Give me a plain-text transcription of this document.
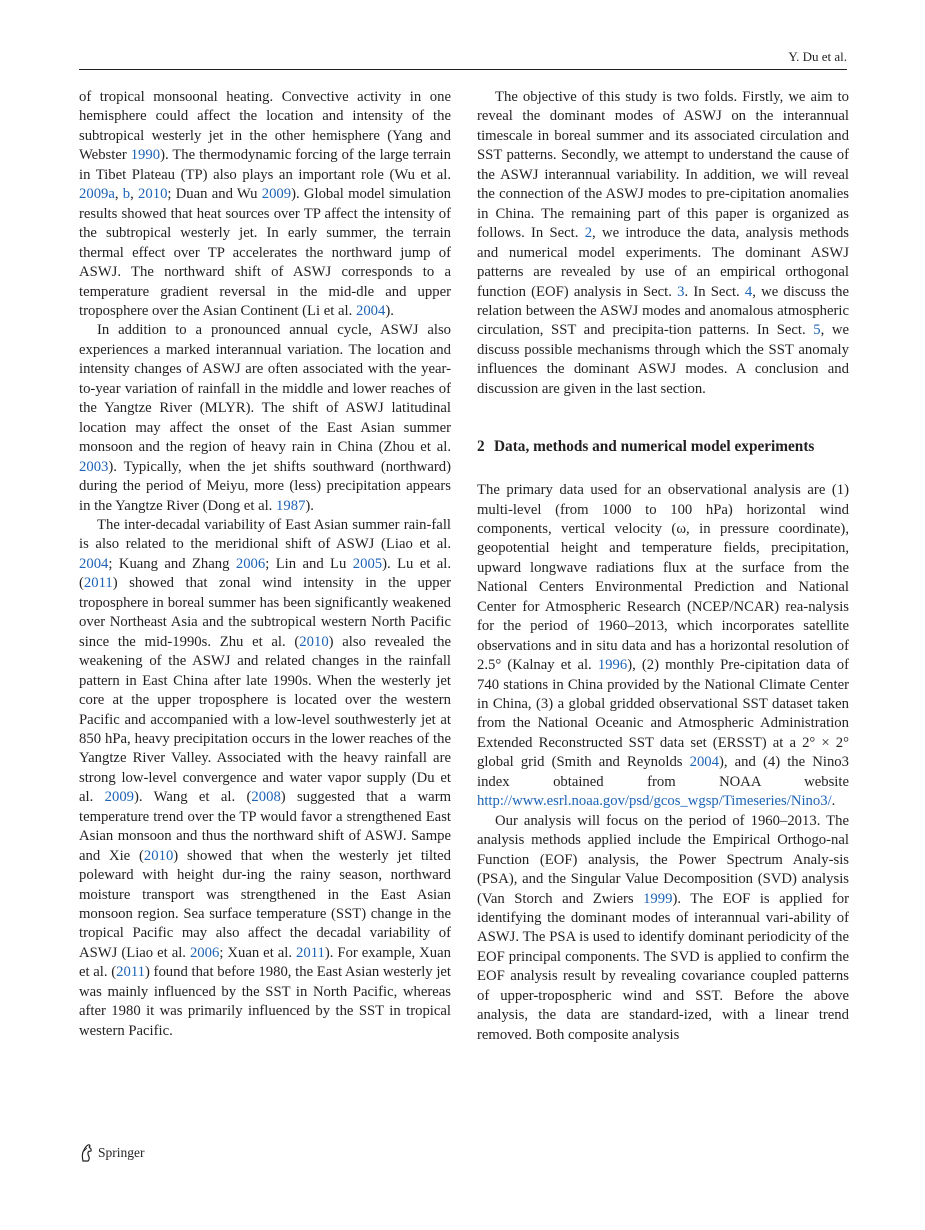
Y. Du et al.

of tropical monsoonal heating. Convective activity in one hemisphere could affect the location and intensity of the subtropical westerly jet in the other hemisphere (Yang and Webster 1990). The thermodynamic forcing of the large terrain in Tibet Plateau (TP) also plays an important role (Wu et al. 2009a, b, 2010; Duan and Wu 2009). Global model simulation results showed that heat sources over TP affect the intensity of the subtropical westerly jet. In early summer, the terrain thermal effect over TP accelerates the northward jump of ASWJ. The northward shift of ASWJ corresponds to a temperature gradient reversal in the mid-dle and upper troposphere over the Asian Continent (Li et al. 2004).

In addition to a pronounced annual cycle, ASWJ also experiences a marked interannual variation. The location and intensity changes of ASWJ are often associated with the year-to-year variation of rainfall in the middle and lower reaches of the Yangtze River (MLYR). The shift of ASWJ latitudinal location may affect the onset of the East Asian summer monsoon and the region of heavy rain in China (Zhou et al. 2003). Typically, when the jet shifts southward (northward) during the period of Meiyu, more (less) precipitation appears in the Yangtze River (Dong et al. 1987).

The inter-decadal variability of East Asian summer rain-fall is also related to the meridional shift of ASWJ (Liao et al. 2004; Kuang and Zhang 2006; Lin and Lu 2005). Lu et al. (2011) showed that zonal wind intensity in the upper troposphere in boreal summer has been significantly weakened over Northeast Asia and the subtropical western North Pacific since the mid-1990s. Zhu et al. (2010) also revealed the weakening of the ASWJ and related changes in the rainfall pattern in East China after late 1990s. When the westerly jet core at the upper troposphere is located over the western Pacific and accompanied with a low-level southwesterly jet at 850 hPa, heavy precipitation occurs in the lower reaches of the Yangtze River Valley. Associated with the heavy rainfall are strong low-level convergence and water vapor supply (Du et al. 2009). Wang et al. (2008) suggested that a warm temperature trend over the TP would favor a strengthened East Asian monsoon and thus the northward shift of ASWJ. Sampe and Xie (2010) showed that when the westerly jet tilted poleward with height dur-ing the rainy season, northward moisture transport was strengthened in the East Asian monsoon region. Sea surface temperature (SST) change in the tropical Pacific may also affect the decadal variability of ASWJ (Liao et al. 2006; Xuan et al. 2011). For example, Xuan et al. (2011) found that before 1980, the East Asian westerly jet was mainly influenced by the SST in North Pacific, whereas after 1980 it was primarily influenced by the SST in tropical western Pacific.

The objective of this study is two folds. Firstly, we aim to reveal the dominant modes of ASWJ on the interannual timescale in boreal summer and its associated circulation and SST patterns. Secondly, we attempt to understand the cause of the ASWJ interannual variability. In addition, we will reveal the connection of the ASWJ modes to pre-cipitation anomalies in China. The remaining part of this paper is organized as follows. In Sect. 2, we introduce the data, analysis methods and numerical model experiments. The dominant ASWJ patterns are revealed by use of an empirical orthogonal function (EOF) analysis in Sect. 3. In Sect. 4, we discuss the relation between the ASWJ modes and anomalous atmospheric circulation, SST and precipita-tion patterns. In Sect. 5, we discuss possible mechanisms through which the SST anomaly influences the dominant ASWJ modes. A conclusion and discussion are given in the last section.

2 Data, methods and numerical model experiments

The primary data used for an observational analysis are (1) multi-level (from 1000 to 100 hPa) horizontal wind components, vertical velocity (ω, in pressure coordinate), geopotential height and temperature fields, precipitation, upward longwave radiations flux at the surface from the National Centers Environmental Prediction and National Center for Atmospheric Research (NCEP/NCAR) rea-nalysis for the period of 1960–2013, which incorporates satellite observations and in situ data and has a horizontal resolution of 2.5° (Kalnay et al. 1996), (2) monthly Pre-cipitation data of 740 stations in China provided by the National Climate Center in China, (3) a global gridded observational SST dataset taken from the National Oceanic and Atmospheric Administration Extended Reconstructed SST data set (ERSST) at a 2° × 2° global grid (Smith and Reynolds 2004), and (4) the Nino3 index obtained from NOAA website http://www.esrl.noaa.gov/psd/gcos_wgsp/Timeseries/Nino3/.

Our analysis will focus on the period of 1960–2013. The analysis methods applied include the Empirical Orthogo-nal Function (EOF) analysis, the Power Spectrum Analy-sis (PSA), and the Singular Value Decomposition (SVD) analysis (Van Storch and Zwiers 1999). The EOF is applied for identifying the dominant modes of interannual vari-ability of ASWJ. The PSA is used to identify dominant periodicity of the EOF principal components. The SVD is applied to confirm the EOF analysis result by revealing covariance coupled patterns of upper-tropospheric wind and SST. Before the above analysis, the data are standard-ized, with a linear trend removed. Both composite analysis

Springer
